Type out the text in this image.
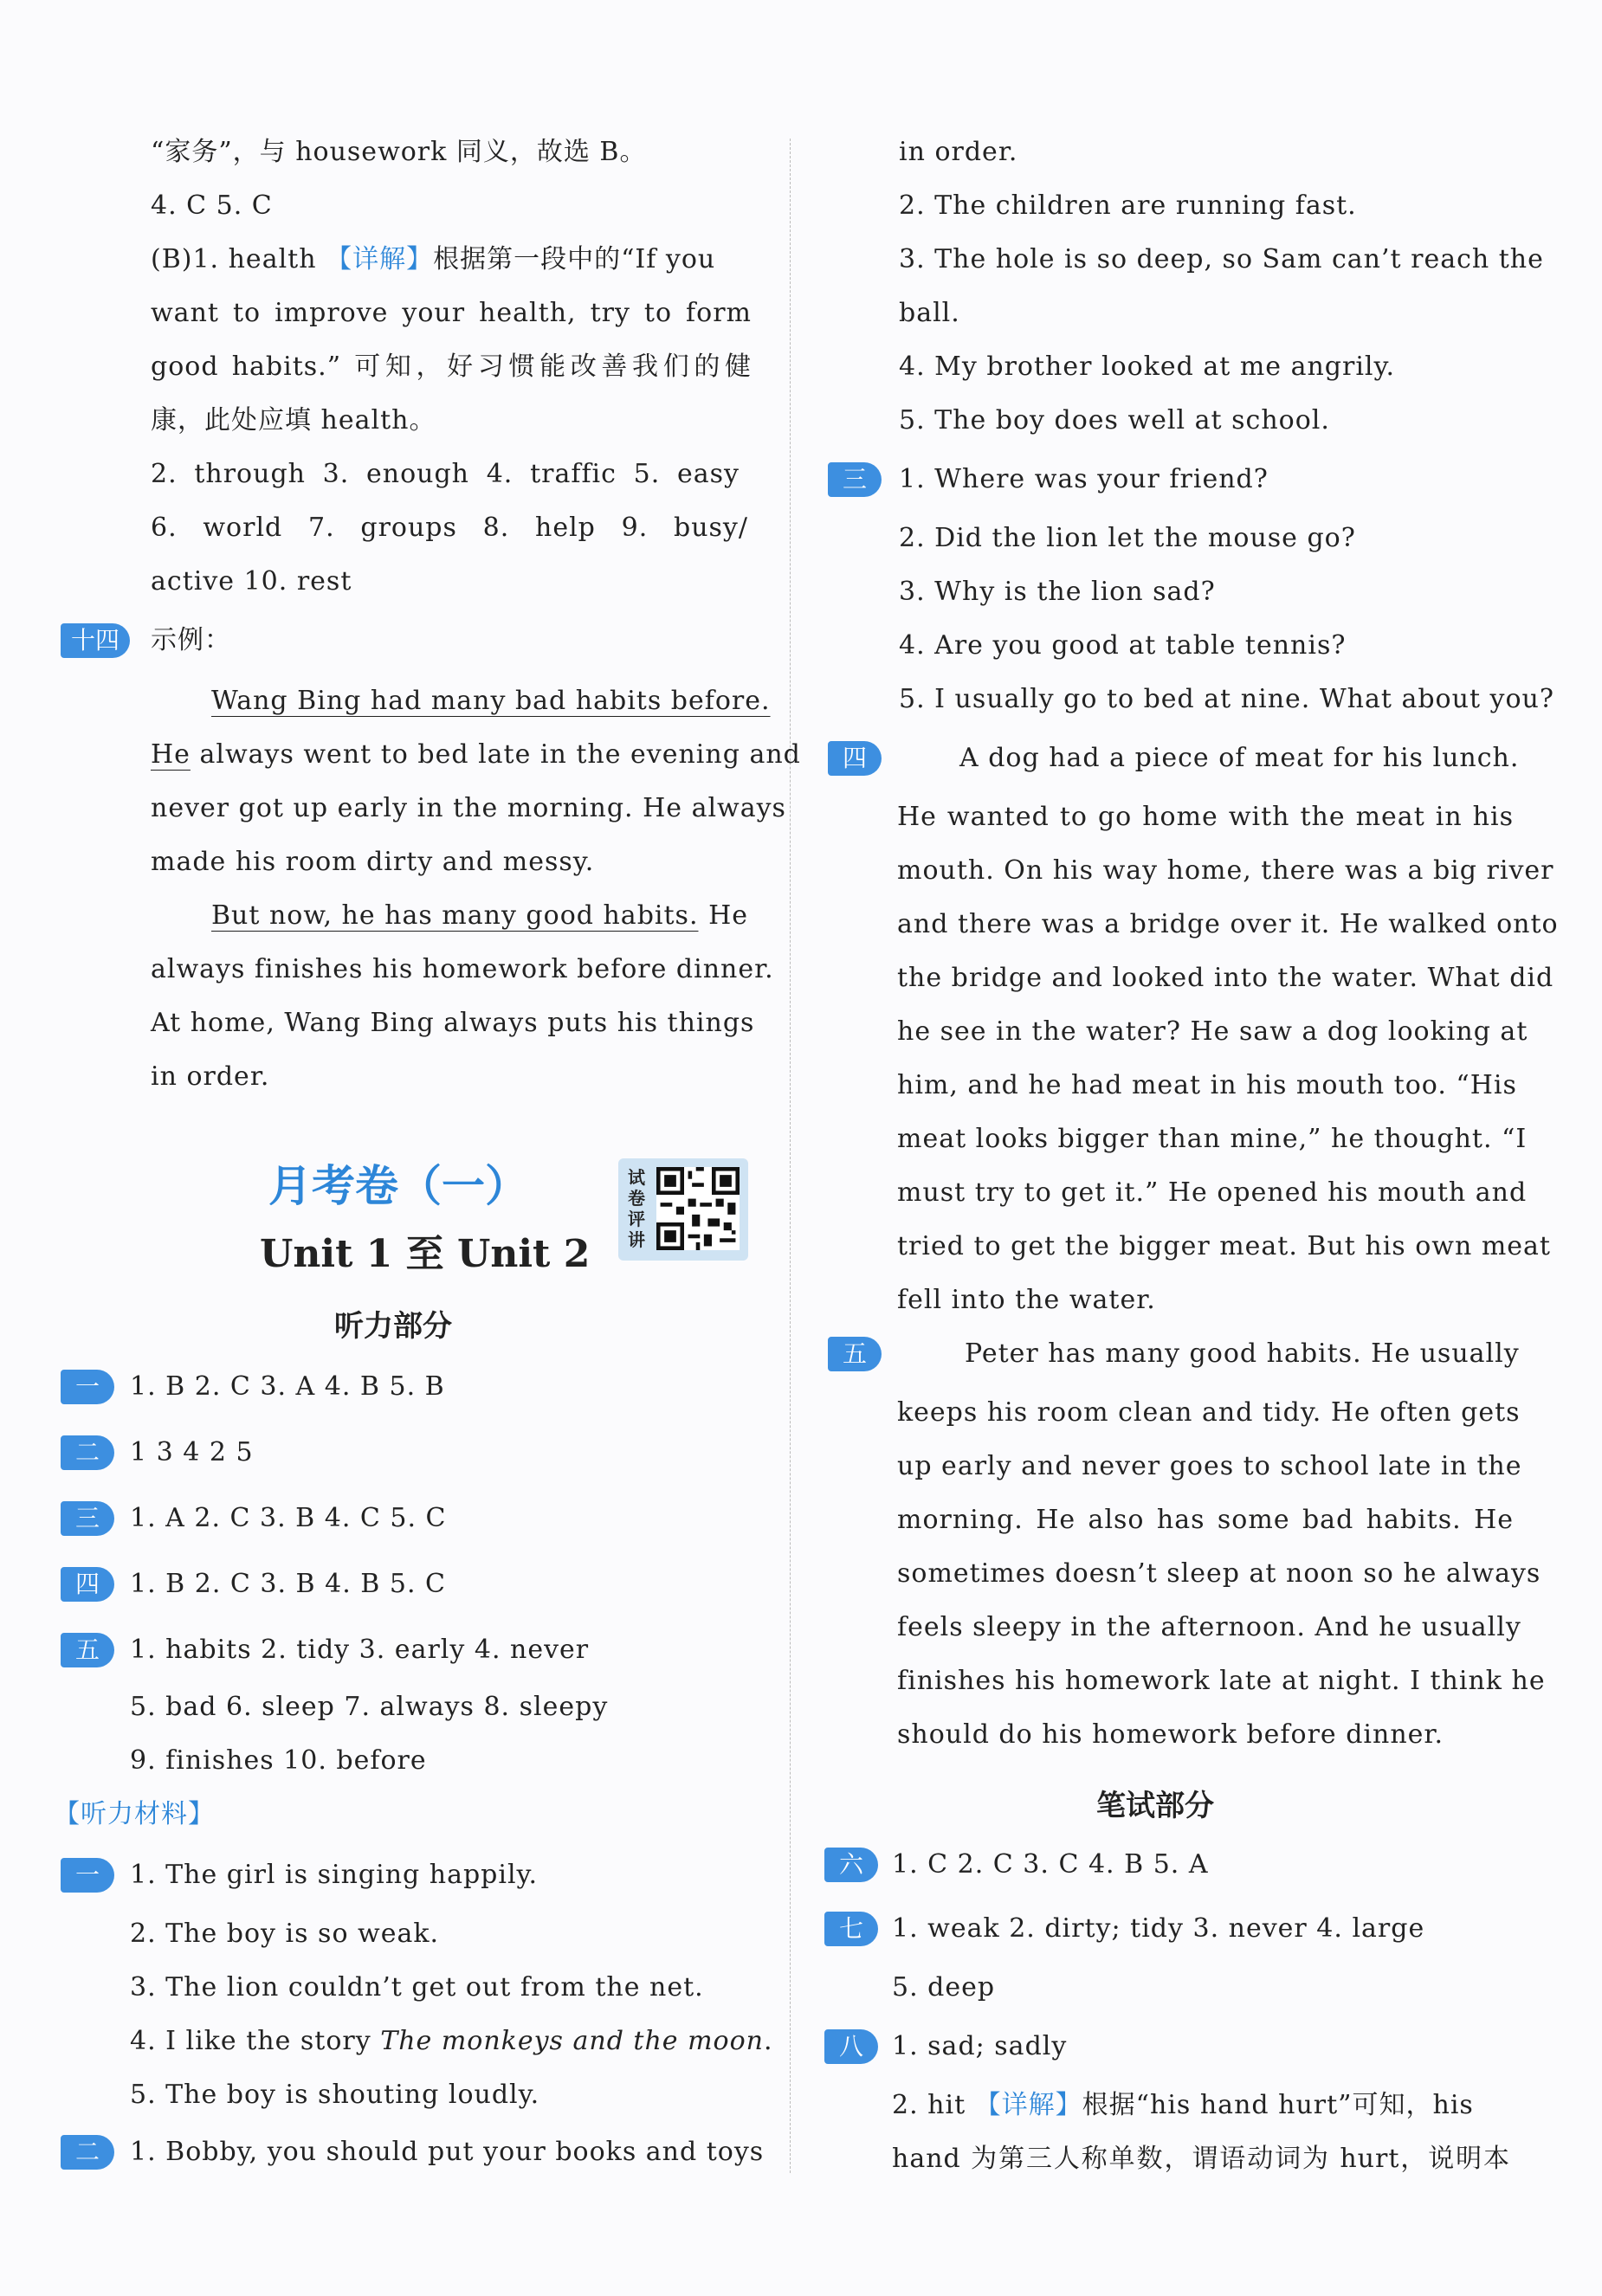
“家务”，与 housework 同义，故选 B。
4. C 5. C
(B)1. health 【详解】根据第一段中的“If you
want to improve your health, try to form
good habits.” 可知，好习惯能改善我们的健
康，此处应填 health。
2. through 3. enough 4. traffic 5. easy
6. world 7. groups 8. help 9. busy/
active 10. rest
十四	示例：
Wang Bing had many bad habits before.
He always went to bed late in the evening and
never got up early in the morning. He always
made his room dirty and messy.
But now, he has many good habits. He
always finishes his homework before dinner.
At home, Wang Bing always puts his things
in order.
月考卷（一）	试卷评讲
Unit 1 至 Unit 2
听力部分
一	1. B 2. C 3. A 4. B 5. B
二	1 3 4 2 5
三	1. A 2. C 3. B 4. C 5. C
四	1. B 2. C 3. B 4. B 5. C
五	1. habits 2. tidy 3. early 4. never
5. bad 6. sleep 7. always 8. sleepy
9. finishes 10. before
【听力材料】
一	1. The girl is singing happily.
2. The boy is so weak.
3. The lion couldn’t get out from the net.
4. I like the story The monkeys and the moon.
5. The boy is shouting loudly.
二	1. Bobby, you should put your books and toys
in order.
2. The children are running fast.
3. The hole is so deep, so Sam can’t reach the
ball.
4. My brother looked at me angrily.
5. The boy does well at school.
三	1. Where was your friend?
2. Did the lion let the mouse go?
3. Why is the lion sad?
4. Are you good at table tennis?
5. I usually go to bed at nine. What about you?
四	A dog had a piece of meat for his lunch.
He wanted to go home with the meat in his
mouth. On his way home, there was a big river
and there was a bridge over it. He walked onto
the bridge and looked into the water. What did
he see in the water? He saw a dog looking at
him, and he had meat in his mouth too. “His
meat looks bigger than mine,” he thought. “I
must try to get it.” He opened his mouth and
tried to get the bigger meat. But his own meat
fell into the water.
五	Peter has many good habits. He usually
keeps his room clean and tidy. He often gets
up early and never goes to school late in the
morning. He also has some bad habits. He
sometimes doesn’t sleep at noon so he always
feels sleepy in the afternoon. And he usually
finishes his homework late at night. I think he
should do his homework before dinner.
笔试部分
六	1. C 2. C 3. C 4. B 5. A
七	1. weak 2. dirty; tidy 3. never 4. large
5. deep
八	1. sad; sadly
2. hit 【详解】根据“his hand hurt”可知，his
hand 为第三人称单数，谓语动词为 hurt，说明本
